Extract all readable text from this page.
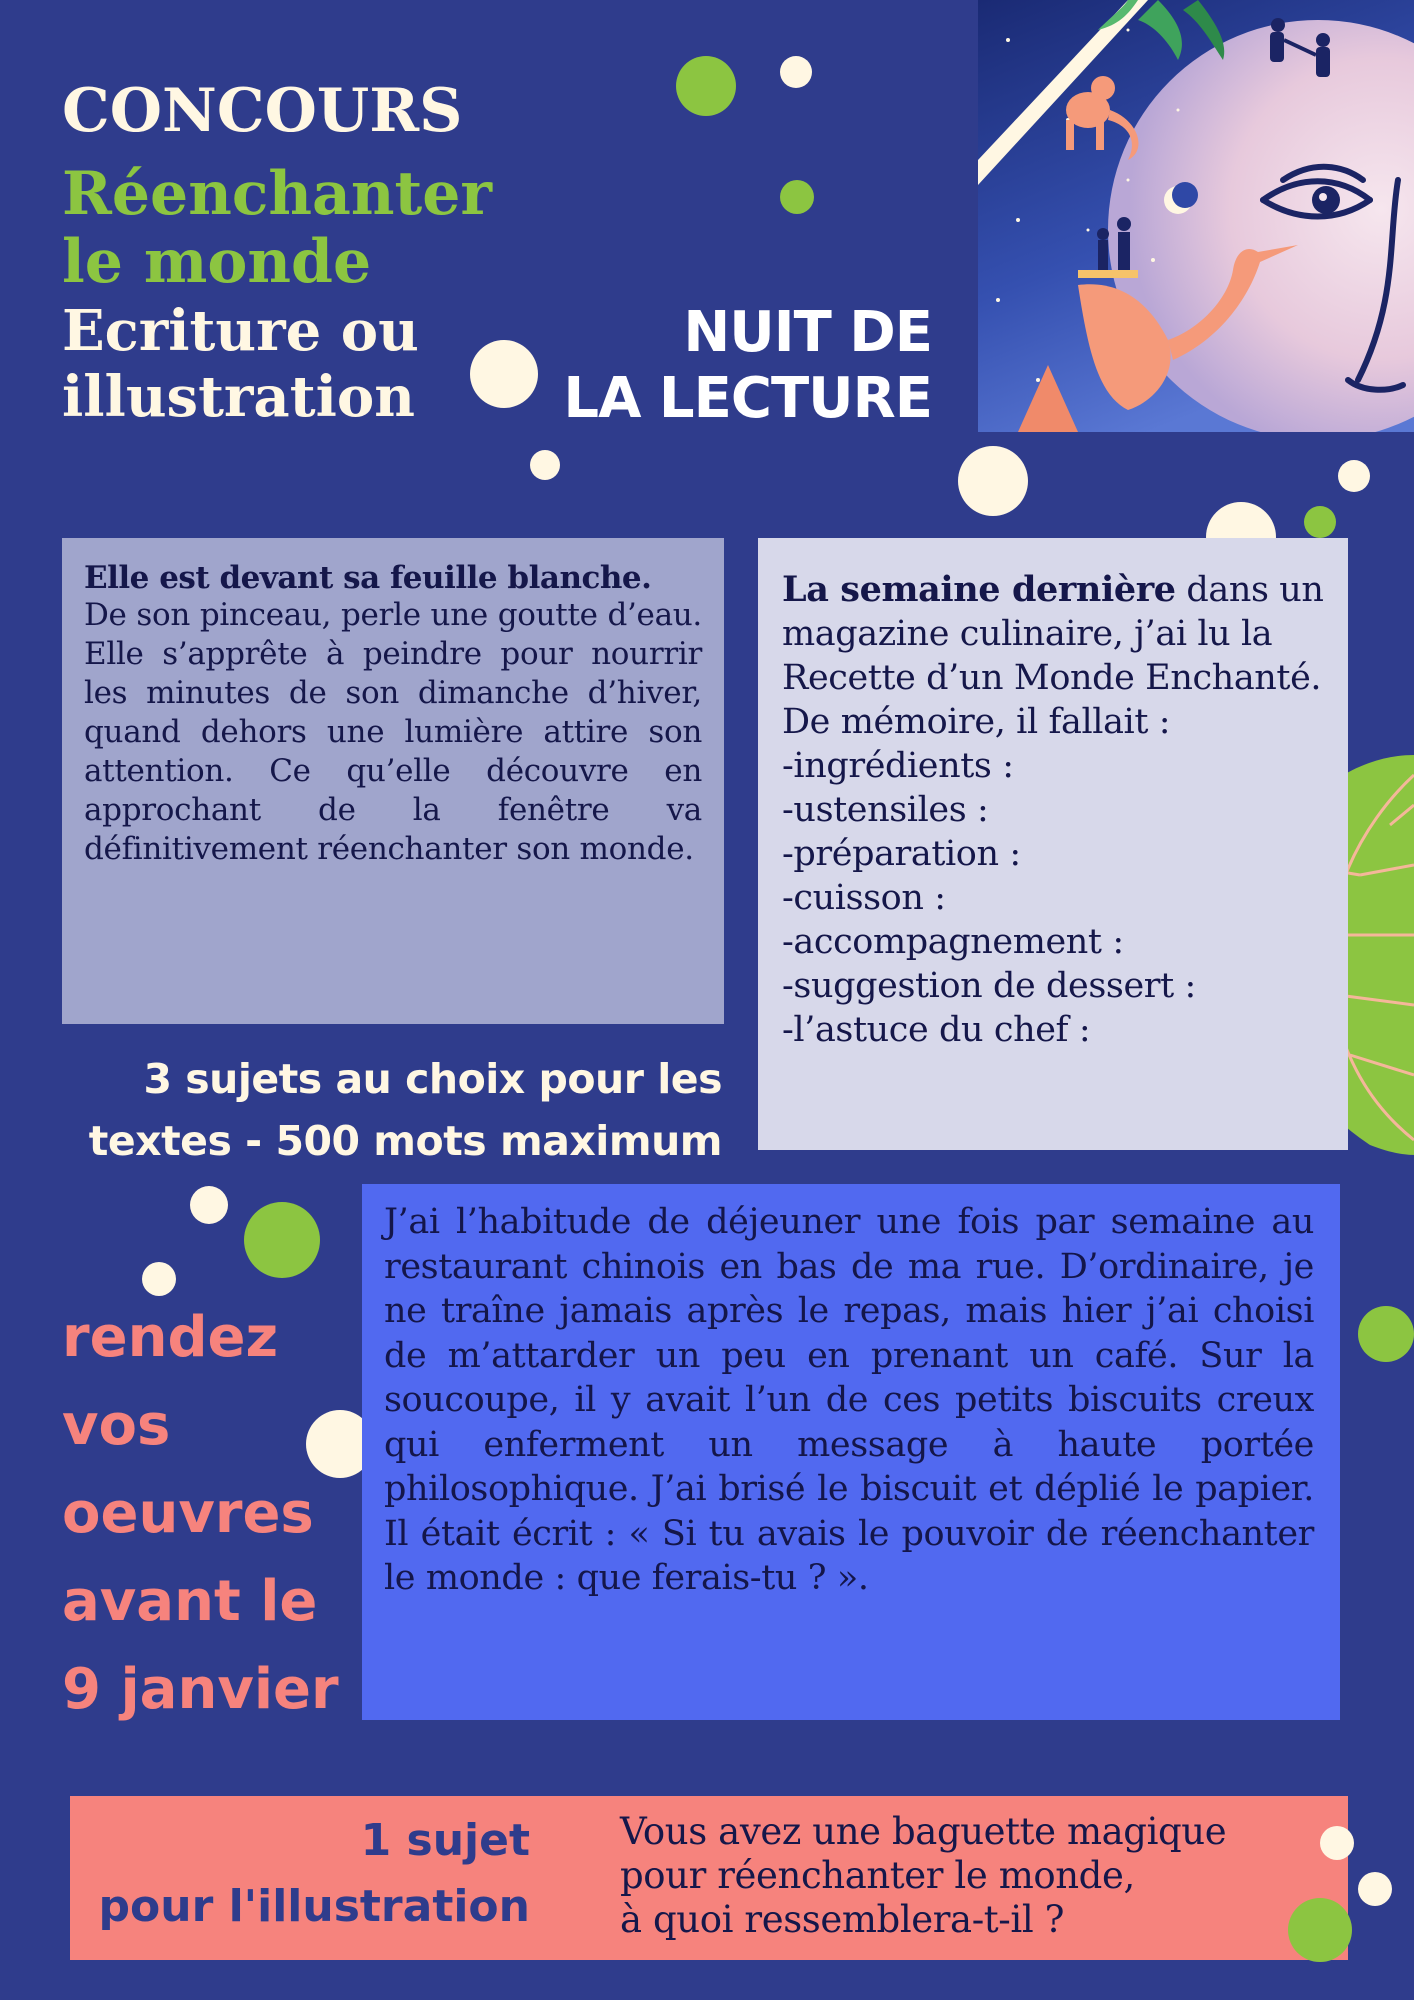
CONCOURS
Réenchanter
le monde
Ecriture ou
illustration
NUIT DE
LA LECTURE
Elle est devant sa feuille blanche.

De son pinceau, perle une goutte d’eau. Elle s’apprête à peindre pour nourrir les minutes de son dimanche d’hiver, quand dehors une lumière attire son attention. Ce qu’elle découvre en approchant de la fenêtre va définitivement réenchanter son monde.

La semaine dernière dans un magazine culinaire, j’ai lu la Recette d’un Monde Enchanté.

De mémoire, il fallait :

-ingrédients :

-ustensiles :

-préparation :

-cuisson :

-accompagnement :

-suggestion de dessert :

-l’astuce du chef :

3 sujets au choix pour les
textes - 500 mots maximum
rendez
vos
oeuvres
avant le
9 janvier

J’ai l’habitude de déjeuner une fois par semaine au restaurant chinois en bas de ma rue. D’ordinaire, je ne traîne jamais après le repas, mais hier j’ai choisi de m’attarder un peu en prenant un café. Sur la soucoupe, il y avait l’un de ces petits biscuits creux qui enferment un message à haute portée philosophique. J’ai brisé le biscuit et déplié le papier. Il était écrit : « Si tu avais le pouvoir de réenchanter le monde : que ferais-tu ? ».

1 sujet
pour l'illustration
Vous avez une baguette magique
pour réenchanter le monde,
à quoi ressemblera-t-il ?
